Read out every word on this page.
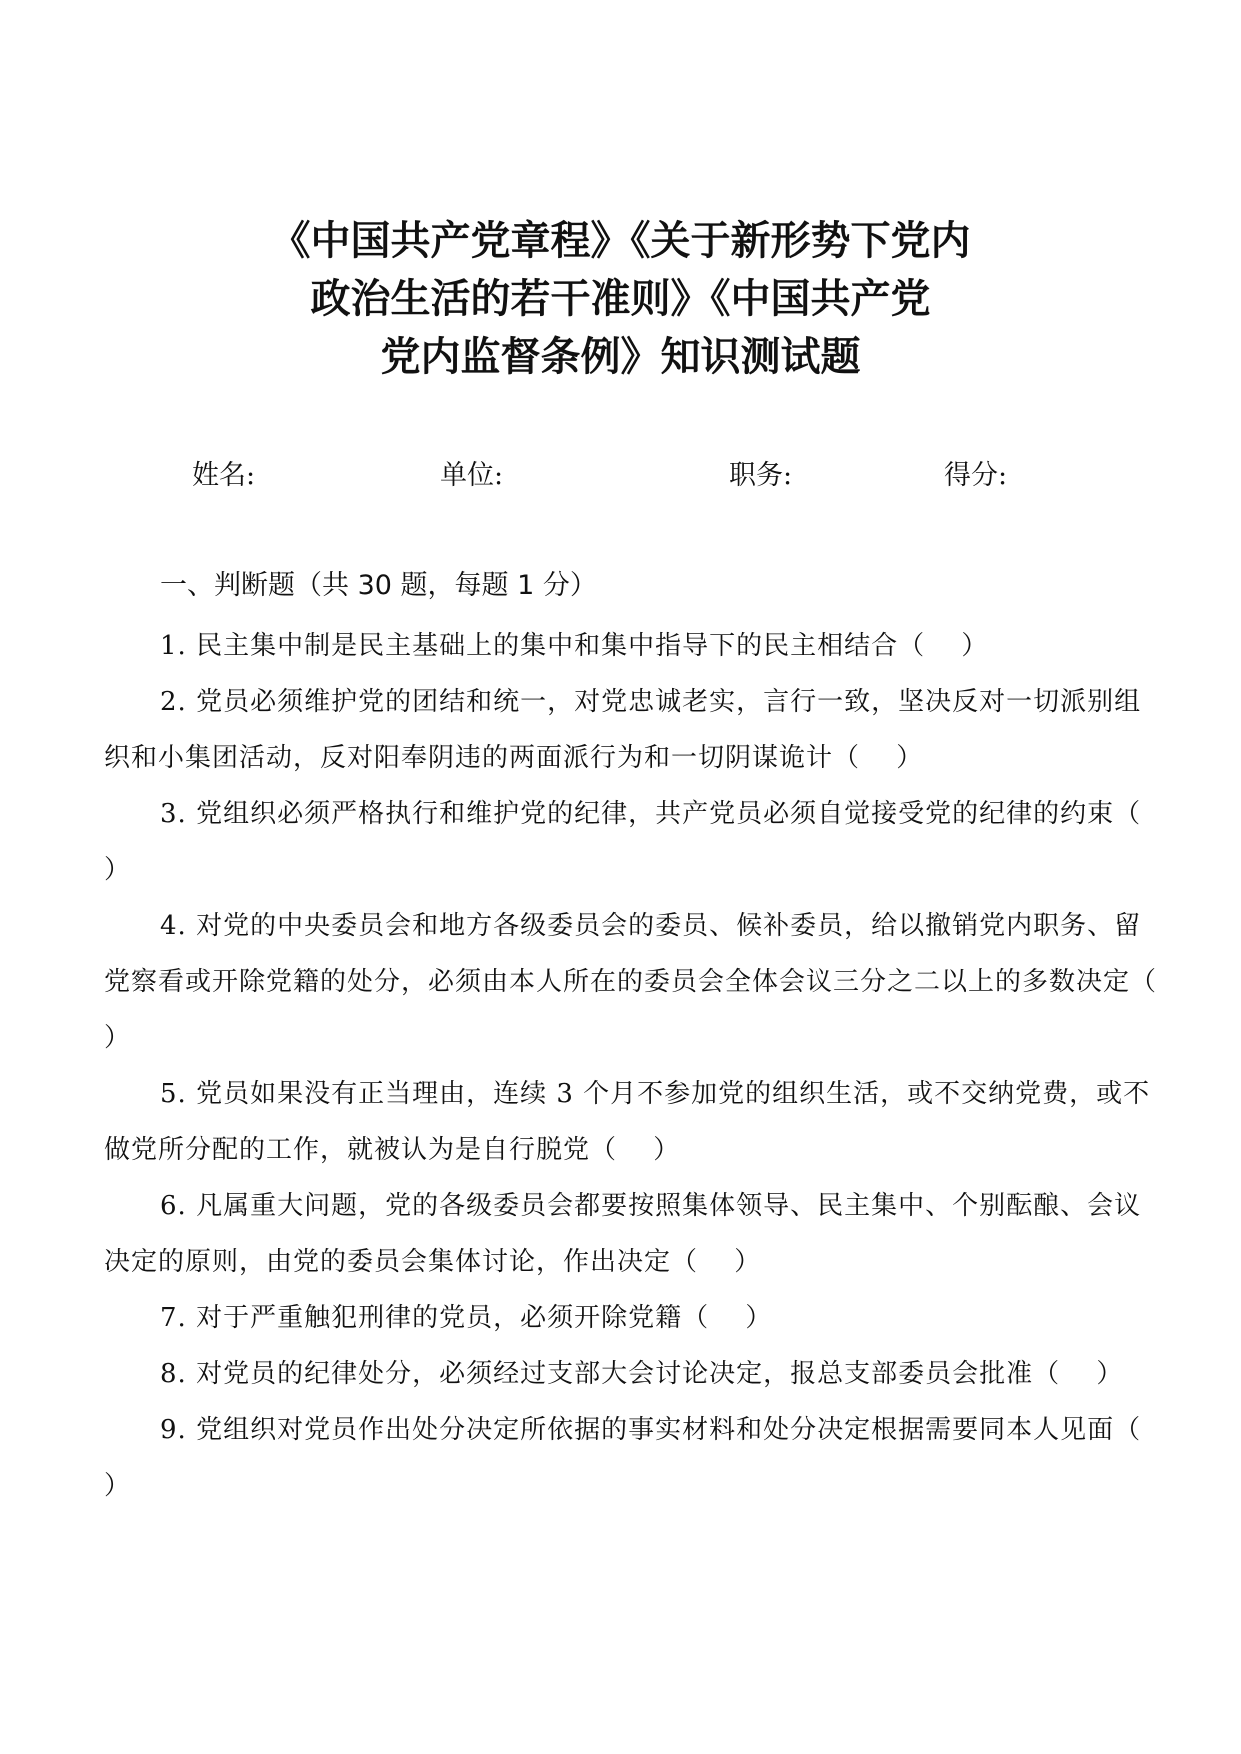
《中国共产党章程》《关于新形势下党内
政治生活的若干准则》《中国共产党
党内监督条例》知识测试题
姓名:	单位:	职务:	得分:
一、判断题（共 30 题，每题 1 分）

1. 民主集中制是民主基础上的集中和集中指导下的民主相结合（　 ）

2. 党员必须维护党的团结和统一，对党忠诚老实，言行一致，坚决反对一切派别组织和小集团活动，反对阳奉阴违的两面派行为和一切阴谋诡计（　 ）

3. 党组织必须严格执行和维护党的纪律，共产党员必须自觉接受党的纪律的约束（　 ）

4. 对党的中央委员会和地方各级委员会的委员、候补委员，给以撤销党内职务、留党察看或开除党籍的处分，必须由本人所在的委员会全体会议三分之二以上的多数决定（　 ）

5. 党员如果没有正当理由，连续 3 个月不参加党的组织生活，或不交纳党费，或不做党所分配的工作，就被认为是自行脱党（　 ）

6. 凡属重大问题，党的各级委员会都要按照集体领导、民主集中、个别酝酿、会议决定的原则，由党的委员会集体讨论，作出决定（　 ）

7. 对于严重触犯刑律的党员，必须开除党籍（　 ）

8. 对党员的纪律处分，必须经过支部大会讨论决定，报总支部委员会批准（　 ）

9. 党组织对党员作出处分决定所依据的事实材料和处分决定根据需要同本人见面（　 ）
